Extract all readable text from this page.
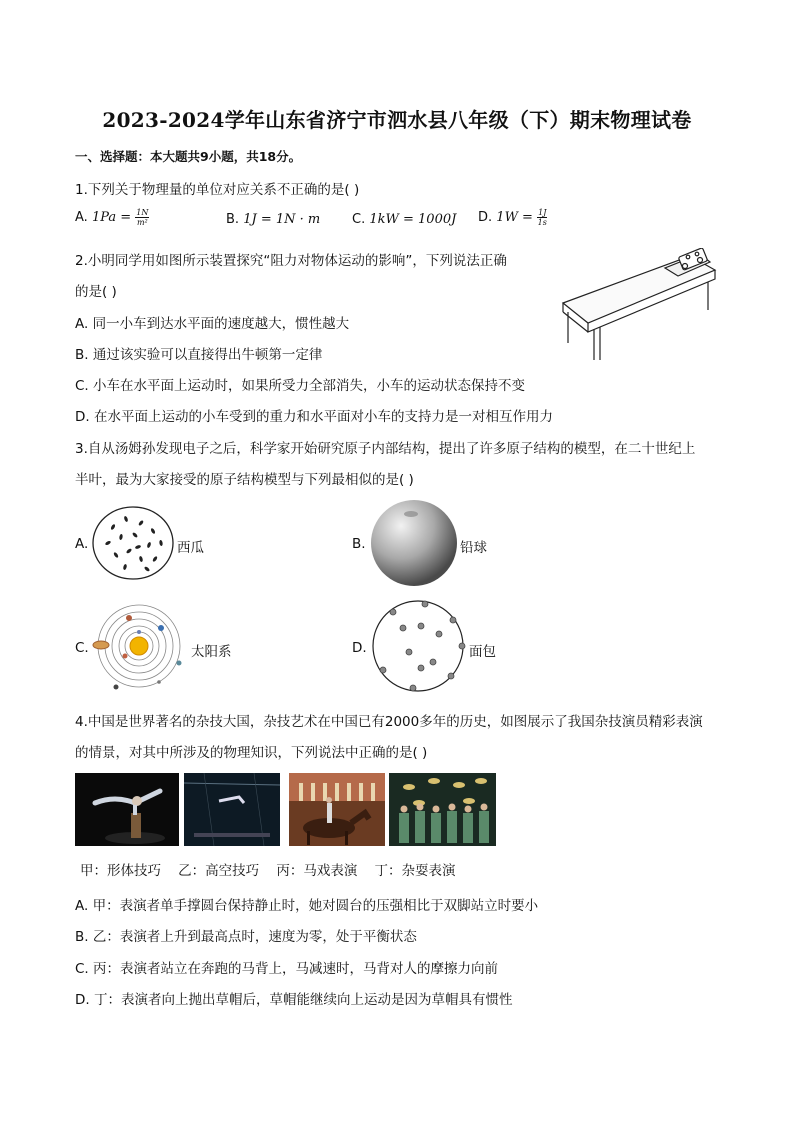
2023-2024学年山东省济宁市泗水县八年级（下）期末物理试卷
一、选择题：本大题共9小题，共18分。
1.下列关于物理量的单位对应关系不正确的是( )
A. $1Pa = \frac{1N}{\text{m²}}$	B. 1J = 1N · m C. 1kW = 1000J D. $1W = \frac{1J}{1s}$
2.小明同学用如图所示装置探究“阻力对物体运动的影响”，下列说法正确
的是( )
A. 同一小车到达水平面的速度越大，惯性越大
B. 通过该实验可以直接得出牛顿第一定律
C. 小车在水平面上运动时，如果所受力全部消失，小车的运动状态保持不变
D. 在水平面上运动的小车受到的重力和水平面对小车的支持力是一对相互作用力
3.自从汤姆孙发现电子之后，科学家开始研究原子内部结构，提出了许多原子结构的模型，在二十世纪上
半叶，最为大家接受的原子结构模型与下列最相似的是( )
A.	西瓜	B.	铅球
C.	太阳系	D.	面包
4.中国是世界著名的杂技大国，杂技艺术在中国已有2000多年的历史，如图展示了我国杂技演员精彩表演
的情景，对其中所涉及的物理知识，下列说法中正确的是( )
甲：形体技巧    乙：高空技巧    丙：马戏表演    丁：杂耍表演
A. 甲：表演者单手撑圆台保持静止时，她对圆台的压强相比于双脚站立时要小
B. 乙：表演者上升到最高点时，速度为零，处于平衡状态
C. 丙：表演者站立在奔跑的马背上，马减速时，马背对人的摩擦力向前
D. 丁：表演者向上抛出草帽后，草帽能继续向上运动是因为草帽具有惯性
